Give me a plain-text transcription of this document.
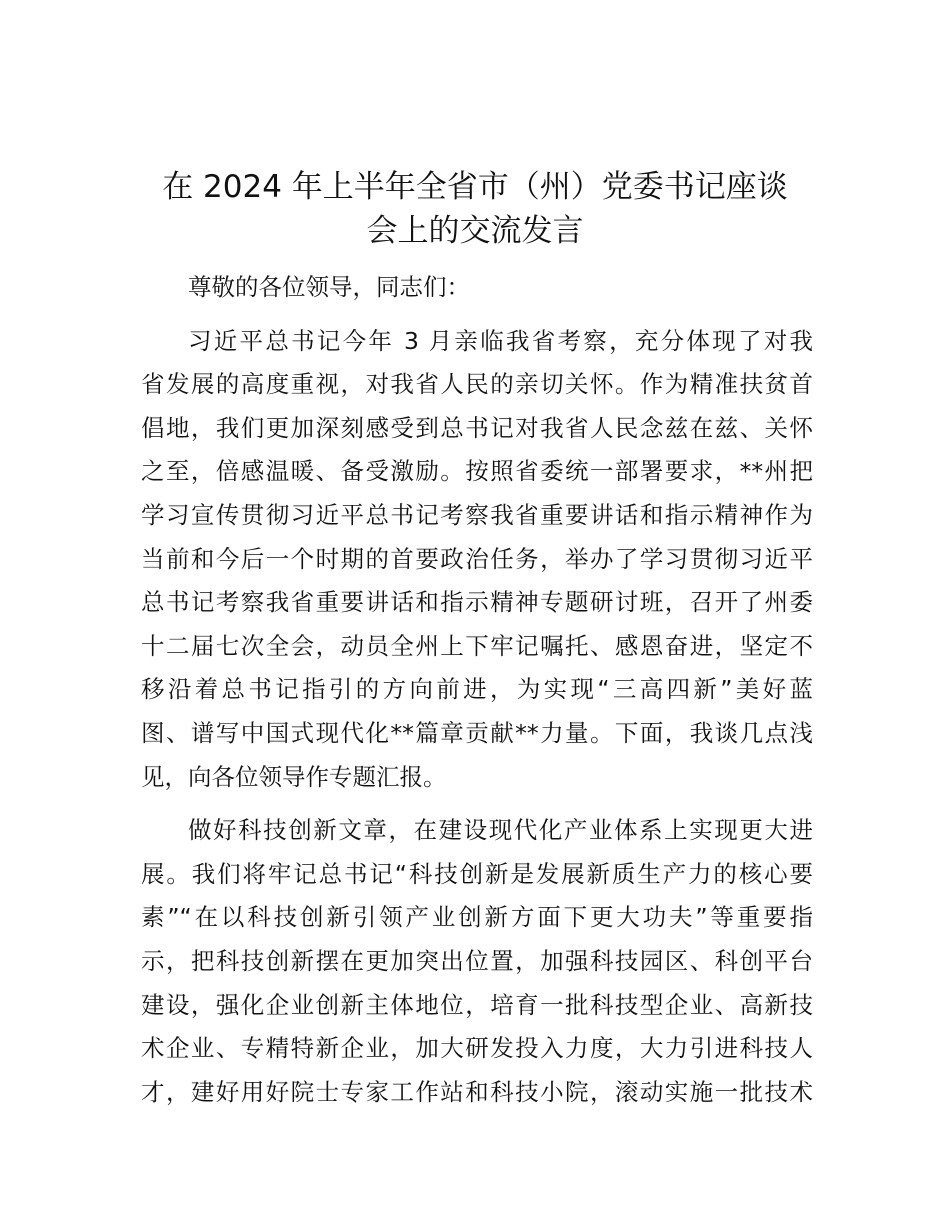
在 2024 年上半年全省市（州）党委书记座谈
会上的交流发言
尊敬的各位领导，同志们：
习近平总书记今年 3 月亲临我省考察，充分体现了对我
省发展的高度重视，对我省人民的亲切关怀。作为精准扶贫首
倡地，我们更加深刻感受到总书记对我省人民念兹在兹、关怀
之至，倍感温暖、备受激励。按照省委统一部署要求，**州把
学习宣传贯彻习近平总书记考察我省重要讲话和指示精神作为
当前和今后一个时期的首要政治任务，举办了学习贯彻习近平
总书记考察我省重要讲话和指示精神专题研讨班，召开了州委
十二届七次全会，动员全州上下牢记嘱托、感恩奋进，坚定不
移沿着总书记指引的方向前进，为实现“三高四新”美好蓝
图、谱写中国式现代化**篇章贡献**力量。下面，我谈几点浅
见，向各位领导作专题汇报。
做好科技创新文章，在建设现代化产业体系上实现更大进
展。我们将牢记总书记“科技创新是发展新质生产力的核心要
素”“在以科技创新引领产业创新方面下更大功夫”等重要指
示，把科技创新摆在更加突出位置，加强科技园区、科创平台
建设，强化企业创新主体地位，培育一批科技型企业、高新技
术企业、专精特新企业，加大研发投入力度，大力引进科技人
才，建好用好院士专家工作站和科技小院，滚动实施一批技术
